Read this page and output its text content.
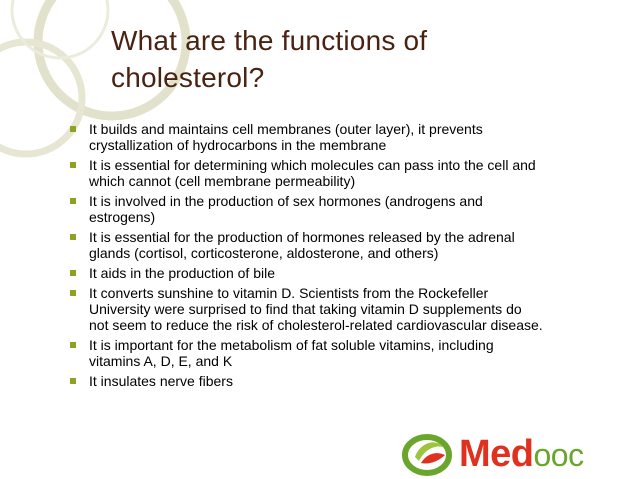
What are the functions of
cholesterol?
It builds and maintains cell membranes (outer layer), it prevents
crystallization of hydrocarbons in the membrane
It is essential for determining which molecules can pass into the cell and
which cannot (cell membrane permeability)
It is involved in the production of sex hormones (androgens and
estrogens)
It is essential for the production of hormones released by the adrenal
glands (cortisol, corticosterone, aldosterone, and others)
It aids in the production of bile
It converts sunshine to vitamin D. Scientists from the Rockefeller
University were surprised to find that taking vitamin D supplements do
not seem to reduce the risk of cholesterol-related cardiovascular disease.
It is important for the metabolism of fat soluble vitamins, including
vitamins A, D, E, and K
It insulates nerve fibers
Medooc
